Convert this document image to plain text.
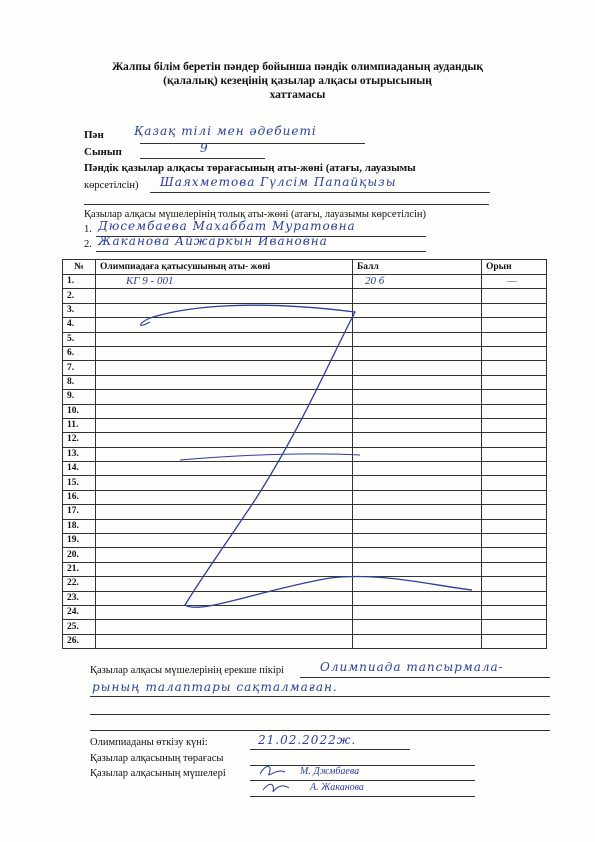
Жалпы білім беретін пәндер бойынша пәндік олимпиаданың аудандық
(қалалық) кезеңінің қазылар алқасы отырысының
хаттамасы
Пән	Қазақ тілі мен әдебиеті
Сынып	9
Пәндік қазылар алқасы төрағасының аты-жөні (атағы, лауазымы
көрсетілсін) Шаяхметова Гүлсім Папайқызы
Қазылар алқасы мүшелерінің толық аты-жөні (атағы, лауазымы көрсетілсін)
1. Дюсембаева Махаббат Муратовна
2. Жаканова Айжаркын Ивановна
№	Олимпиадаға қатысушының аты- жөні	Балл	Орын
1.	КГ 9 - 001	20 б	—
2.			
3.			
4.			
5.			
6.			
7.			
8.			
9.			
10.			
11.			
12.			
13.			
14.			
15.			
16.			
17.			
18.			
19.			
20.			
21.			
22.			
23.			
24.			
25.			
26.			
Қазылар алқасы мүшелерінің ерекше пікірі	Олимпиада тапсырмала-
рының талаптары сақталмаған.
Олимпиаданы өткізу күні:	21.02.2022ж.
Қазылар алқасының төрағасы
Қазылар алқасының мүшелері	М. Джмбаева
А. Жаканова
